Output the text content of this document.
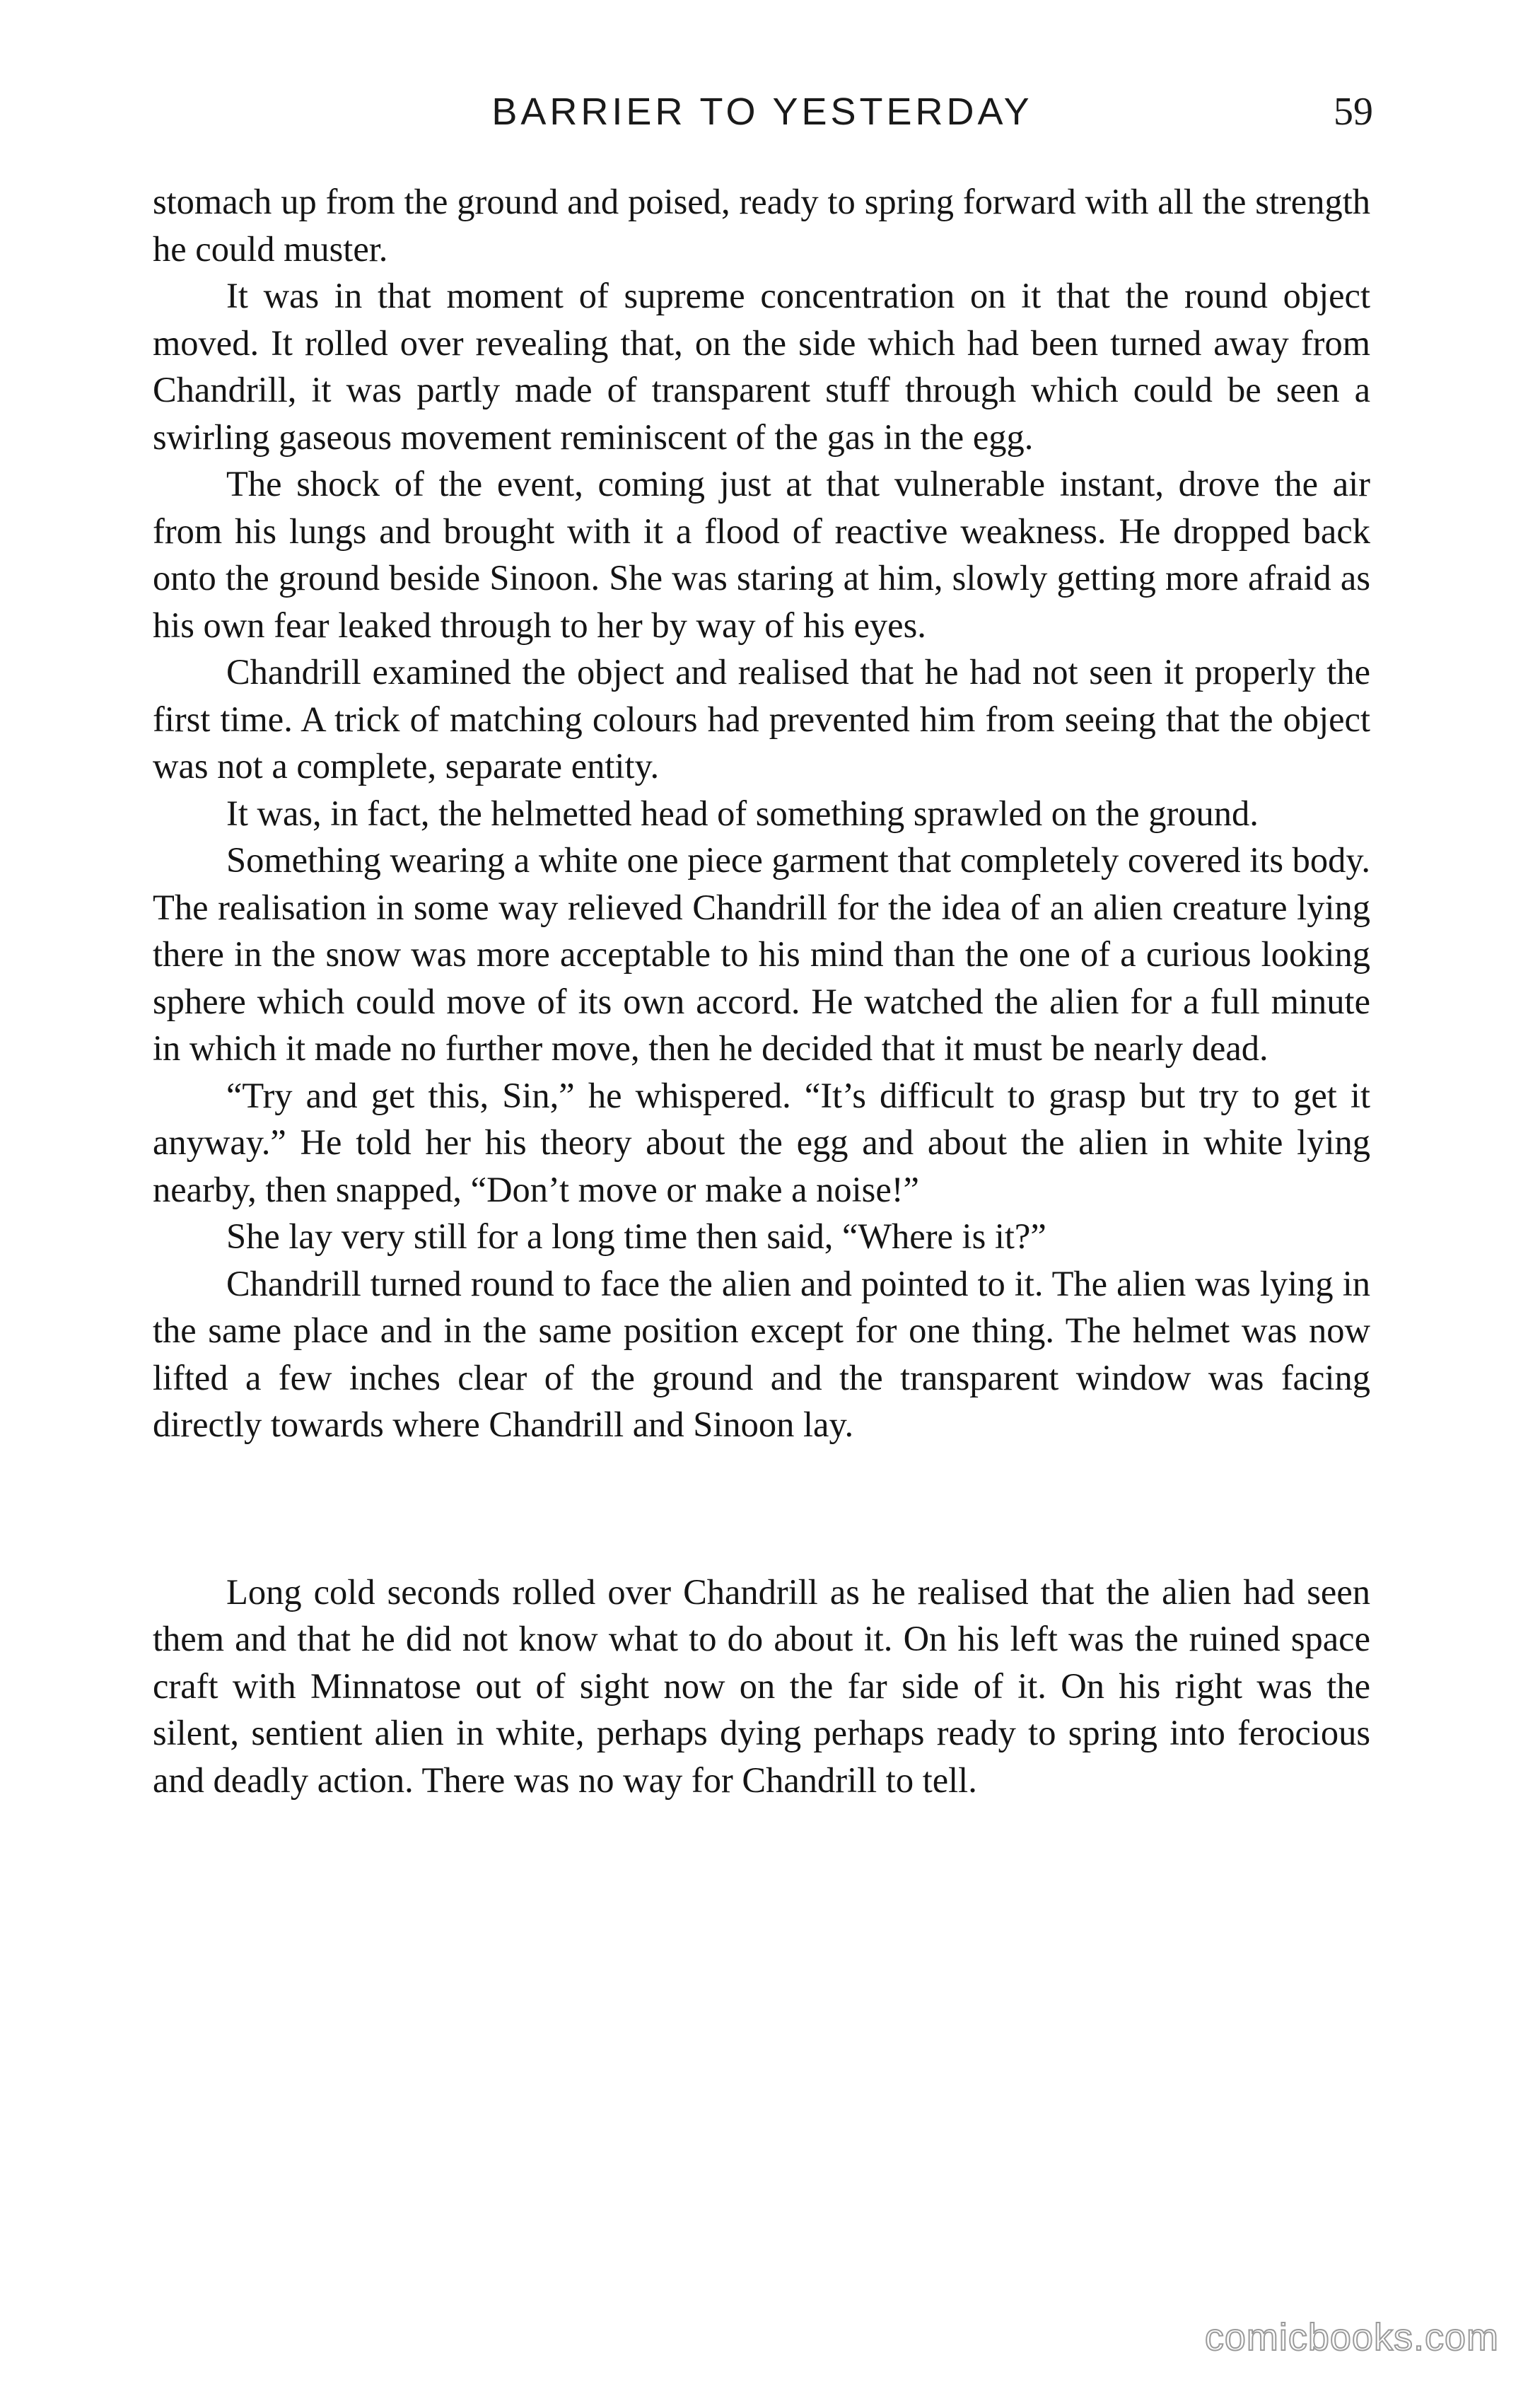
BARRIER TO YESTERDAY	59

stomach up from the ground and poised, ready to spring forward with all the strength he could muster.

It was in that moment of supreme concentration on it that the round object moved. It rolled over revealing that, on the side which had been turned away from Chandrill, it was partly made of transparent stuff through which could be seen a swirling gaseous movement reminiscent of the gas in the egg.

The shock of the event, coming just at that vulnerable instant, drove the air from his lungs and brought with it a flood of reactive weakness. He dropped back onto the ground beside Sinoon. She was staring at him, slowly getting more afraid as his own fear leaked through to her by way of his eyes.

Chandrill examined the object and realised that he had not seen it properly the first time. A trick of matching colours had prevented him from seeing that the object was not a complete, separate entity.

It was, in fact, the helmetted head of something sprawled on the ground.

Something wearing a white one piece garment that completely covered its body. The realisation in some way relieved Chandrill for the idea of an alien creature lying there in the snow was more acceptable to his mind than the one of a curious looking sphere which could move of its own accord. He watched the alien for a full minute in which it made no further move, then he decided that it must be nearly dead.

“Try and get this, Sin,” he whispered. “It’s difficult to grasp but try to get it anyway.” He told her his theory about the egg and about the alien in white lying nearby, then snapped, “Don’t move or make a noise!”

She lay very still for a long time then said, “Where is it?”

Chandrill turned round to face the alien and pointed to it. The alien was lying in the same place and in the same position except for one thing. The helmet was now lifted a few inches clear of the ground and the transparent window was facing directly towards where Chandrill and Sinoon lay.

Long cold seconds rolled over Chandrill as he realised that the alien had seen them and that he did not know what to do about it. On his left was the ruined space craft with Minnatose out of sight now on the far side of it. On his right was the silent, sentient alien in white, perhaps dying perhaps ready to spring into ferocious and deadly action. There was no way for Chandrill to tell.

comicbooks.com
